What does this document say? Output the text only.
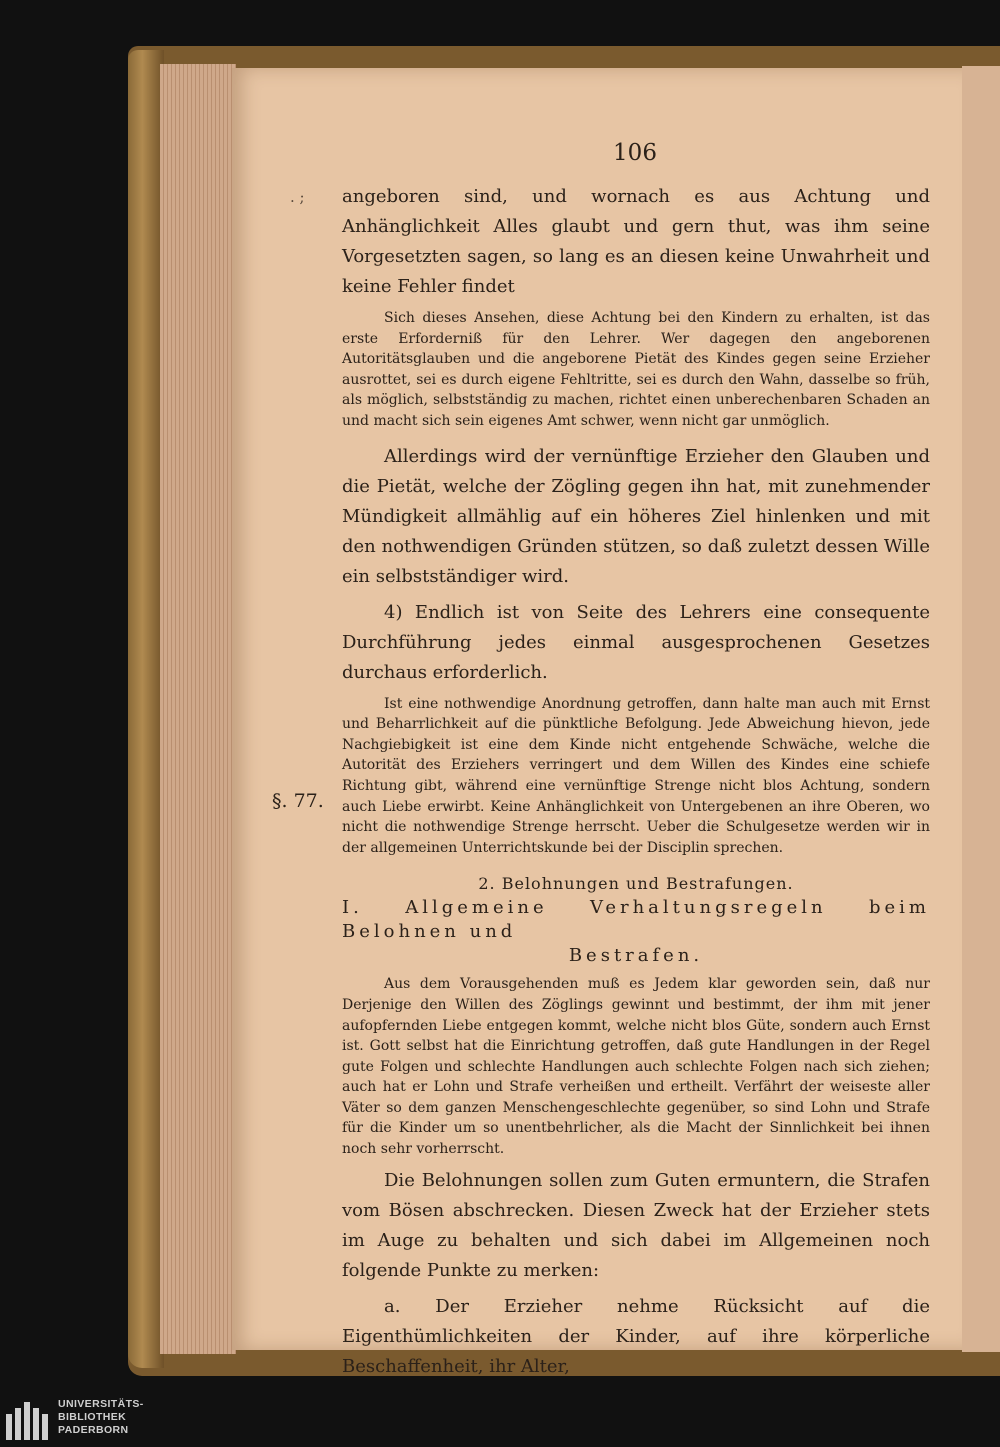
106
. ;
§. 77.

angeboren sind, und wornach es aus Achtung und Anhänglichkeit Alles glaubt und gern thut, was ihm seine Vorgesetzten sagen, so lang es an diesen keine Unwahrheit und keine Fehler findet

Sich dieses Ansehen, diese Achtung bei den Kindern zu erhalten, ist das erste Erforderniß für den Lehrer. Wer dagegen den angeborenen Autoritätsglauben und die angeborene Pietät des Kindes gegen seine Erzieher ausrottet, sei es durch eigene Fehltritte, sei es durch den Wahn, dasselbe so früh, als möglich, selbstständig zu machen, richtet einen unberechenbaren Schaden an und macht sich sein eigenes Amt schwer, wenn nicht gar unmöglich.

Allerdings wird der vernünftige Erzieher den Glauben und die Pietät, welche der Zögling gegen ihn hat, mit zunehmender Mündigkeit allmählig auf ein höheres Ziel hinlenken und mit den nothwendigen Gründen stützen, so daß zuletzt dessen Wille ein selbstständiger wird.

4) Endlich ist von Seite des Lehrers eine consequente Durchführung jedes einmal ausgesprochenen Gesetzes durchaus erforderlich.

Ist eine nothwendige Anordnung getroffen, dann halte man auch mit Ernst und Beharrlichkeit auf die pünktliche Befolgung. Jede Abweichung hievon, jede Nachgiebigkeit ist eine dem Kinde nicht entgehende Schwäche, welche die Autorität des Erziehers verringert und dem Willen des Kindes eine schiefe Richtung gibt, während eine vernünftige Strenge nicht blos Achtung, sondern auch Liebe erwirbt. Keine Anhänglichkeit von Untergebenen an ihre Oberen, wo nicht die nothwendige Strenge herrscht. Ueber die Schulgesetze werden wir in der allgemeinen Unterrichtskunde bei der Disciplin sprechen.

2. Belohnungen und Bestrafungen.

I. Allgemeine Verhaltungsregeln beim Belohnen und

Bestrafen.

Aus dem Vorausgehenden muß es Jedem klar geworden sein, daß nur Derjenige den Willen des Zöglings gewinnt und bestimmt, der ihm mit jener aufopfernden Liebe entgegen kommt, welche nicht blos Güte, sondern auch Ernst ist. Gott selbst hat die Einrichtung getroffen, daß gute Handlungen in der Regel gute Folgen und schlechte Handlungen auch schlechte Folgen nach sich ziehen; auch hat er Lohn und Strafe verheißen und ertheilt. Verfährt der weiseste aller Väter so dem ganzen Menschengeschlechte gegenüber, so sind Lohn und Strafe für die Kinder um so unentbehrlicher, als die Macht der Sinnlichkeit bei ihnen noch sehr vorherrscht.

Die Belohnungen sollen zum Guten ermuntern, die Strafen vom Bösen abschrecken. Diesen Zweck hat der Erzieher stets im Auge zu behalten und sich dabei im Allgemeinen noch folgende Punkte zu merken:

a. Der Erzieher nehme Rücksicht auf die Eigenthümlichkeiten der Kinder, auf ihre körperliche Beschaffenheit, ihr Alter,

UNIVERSITÄTS-
BIBLIOTHEK
PADERBORN
